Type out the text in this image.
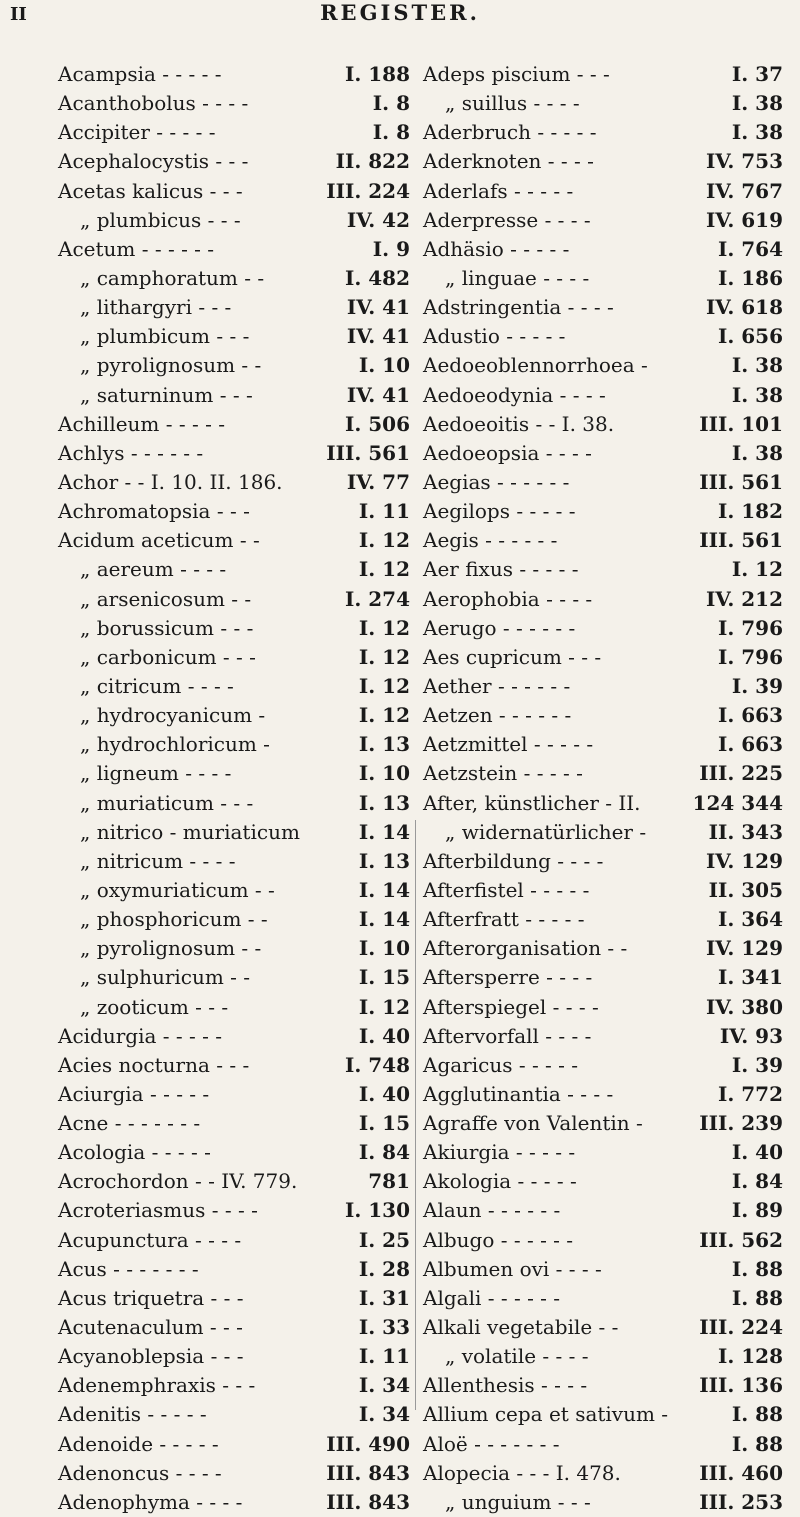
II	REGISTER.
Acampsia - - - - -	I. 188
Acanthobolus - - - -	I. 8
Accipiter - - - - -	I. 8
Acephalocystis - - -	II. 822
Acetas kalicus - - -	III. 224
„ plumbicus - - -	IV. 42
Acetum - - - - - -	I. 9
„ camphoratum - -	I. 482
„ lithargyri - - -	IV. 41
„ plumbicum - - -	IV. 41
„ pyrolignosum - -	I. 10
„ saturninum - - -	IV. 41
Achilleum - - - - -	I. 506
Achlys - - - - - -	III. 561
Achor - - I. 10. II. 186.	IV. 77
Achromatopsia - - -	I. 11
Acidum aceticum - -	I. 12
„ aereum - - - -	I. 12
„ arsenicosum - -	I. 274
„ borussicum - - -	I. 12
„ carbonicum - - -	I. 12
„ citricum - - - -	I. 12
„ hydrocyanicum -	I. 12
„ hydrochloricum -	I. 13
„ ligneum - - - -	I. 10
„ muriaticum - - -	I. 13
„ nitrico - muriaticum	I. 14
„ nitricum - - - -	I. 13
„ oxymuriaticum - -	I. 14
„ phosphoricum - -	I. 14
„ pyrolignosum - -	I. 10
„ sulphuricum - -	I. 15
„ zooticum - - -	I. 12
Acidurgia - - - - -	I. 40
Acies nocturna - - -	I. 748
Aciurgia - - - - -	I. 40
Acne - - - - - - -	I. 15
Acologia - - - - -	I. 84
Acrochordon - - IV. 779.	781
Acroteriasmus - - - -	I. 130
Acupunctura - - - -	I. 25
Acus - - - - - - -	I. 28
Acus triquetra - - -	I. 31
Acutenaculum - - -	I. 33
Acyanoblepsia - - -	I. 11
Adenemphraxis - - -	I. 34
Adenitis - - - - -	I. 34
Adenoide - - - - -	III. 490
Adenoncus - - - -	III. 843
Adenophyma - - - -	III. 843
Adeps piscium - - -	I. 37
„ suillus - - - -	I. 38
Aderbruch - - - - -	I. 38
Aderknoten - - - -	IV. 753
Aderlafs - - - - -	IV. 767
Aderpresse - - - -	IV. 619
Adhäsio - - - - -	I. 764
„ linguae - - - -	I. 186
Adstringentia - - - -	IV. 618
Adustio - - - - -	I. 656
Aedoeoblennorrhoea -	I. 38
Aedoeodynia - - - -	I. 38
Aedoeoitis - - I. 38.	III. 101
Aedoeopsia - - - -	I. 38
Aegias - - - - - -	III. 561
Aegilops - - - - -	I. 182
Aegis - - - - - -	III. 561
Aer fixus - - - - -	I. 12
Aerophobia - - - -	IV. 212
Aerugo - - - - - -	I. 796
Aes cupricum - - -	I. 796
Aether - - - - - -	I. 39
Aetzen - - - - - -	I. 663
Aetzmittel - - - - -	I. 663
Aetzstein - - - - -	III. 225
After, künstlicher - II.	124 344
„ widernatürlicher -	II. 343
Afterbildung - - - -	IV. 129
Afterfistel - - - - -	II. 305
Afterfratt - - - - -	I. 364
Afterorganisation - -	IV. 129
Aftersperre - - - -	I. 341
Afterspiegel - - - -	IV. 380
Aftervorfall - - - -	IV. 93
Agaricus - - - - -	I. 39
Agglutinantia - - - -	I. 772
Agraffe von Valentin -	III. 239
Akiurgia - - - - -	I. 40
Akologia - - - - -	I. 84
Alaun - - - - - -	I. 89
Albugo - - - - - -	III. 562
Albumen ovi - - - -	I. 88
Algali - - - - - -	I. 88
Alkali vegetabile - -	III. 224
„ volatile - - - -	I. 128
Allenthesis - - - -	III. 136
Allium cepa et sativum -	I. 88
Aloë - - - - - - -	I. 88
Alopecia - - - I. 478.	III. 460
„ unguium - - -	III. 253
